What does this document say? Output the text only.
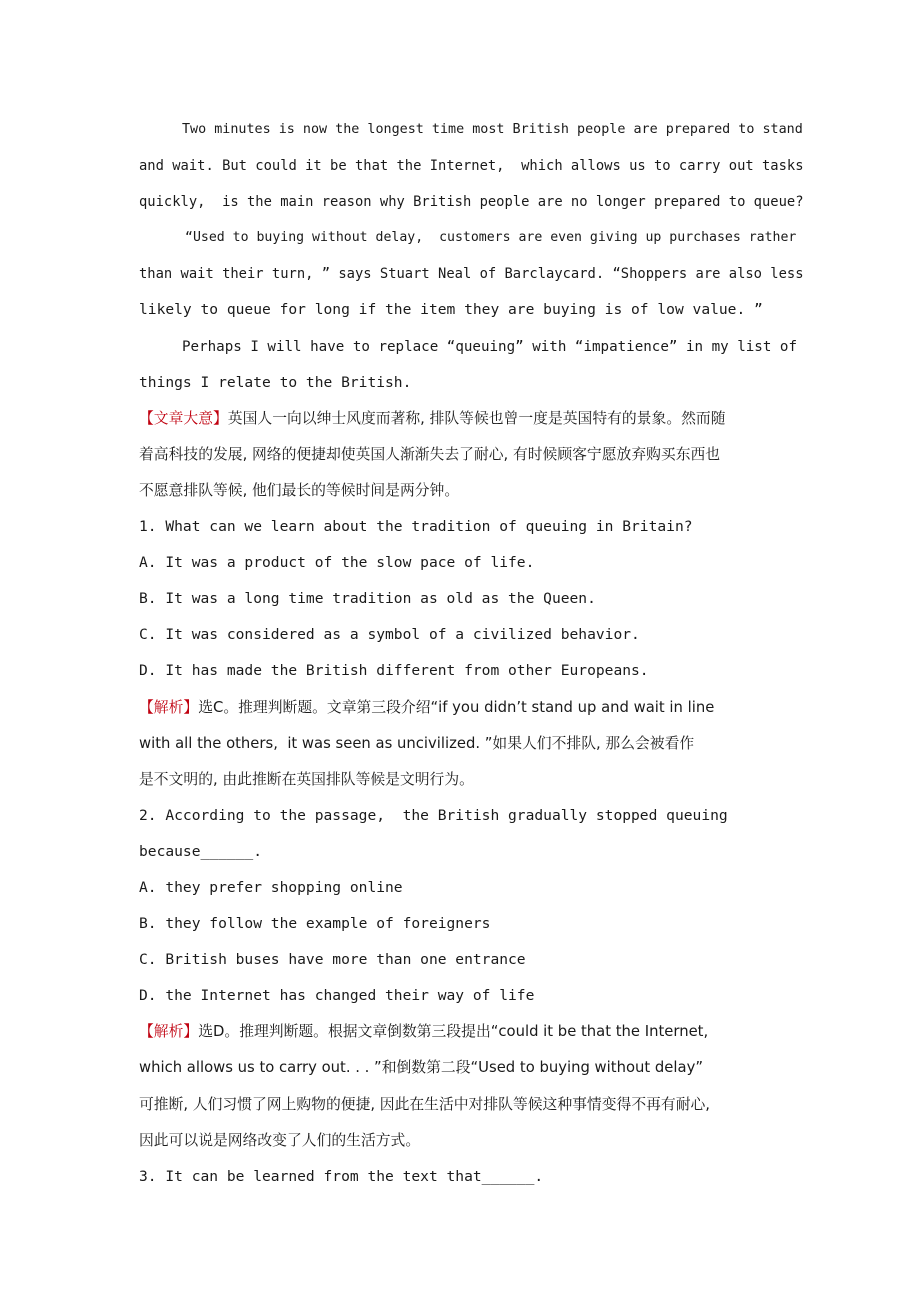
Two minutes is now the longest time most British people are prepared to stand
and wait. But could it be that the Internet,  which allows us to carry out tasks
quickly,  is the main reason why British people are no longer prepared to queue?
“Used to buying without delay,  customers are even giving up purchases rather
than wait their turn, ” says Stuart Neal of Barclaycard. “Shoppers are also less
likely to queue for long if the item they are buying is of low value. ”
Perhaps I will have to replace “queuing” with “impatience” in my list of
things I relate to the British.
【文章大意】英国人一向以绅士风度而著称, 排队等候也曾一度是英国特有的景象。然而随
着高科技的发展, 网络的便捷却使英国人渐渐失去了耐心, 有时候顾客宁愿放弃购买东西也
不愿意排队等候, 他们最长的等候时间是两分钟。
1. What can we learn about the tradition of queuing in Britain?
A. It was a product of the slow pace of life.
B. It was a long time tradition as old as the Queen.
C. It was considered as a symbol of a civilized behavior.
D. It has made the British different from other Europeans.
【解析】选C。推理判断题。文章第三段介绍“if you didn’t stand up and wait in line
with all the others,  it was seen as uncivilized. ”如果人们不排队, 那么会被看作
是不文明的, 由此推断在英国排队等候是文明行为。
2. According to the passage,  the British gradually stopped queuing
because______.
A. they prefer shopping online
B. they follow the example of foreigners
C. British buses have more than one entrance
D. the Internet has changed their way of life
【解析】选D。推理判断题。根据文章倒数第三段提出“could it be that the Internet,
which allows us to carry out. . . ”和倒数第二段“Used to buying without delay”
可推断, 人们习惯了网上购物的便捷, 因此在生活中对排队等候这种事情变得不再有耐心,
因此可以说是网络改变了人们的生活方式。
3. It can be learned from the text that______.
